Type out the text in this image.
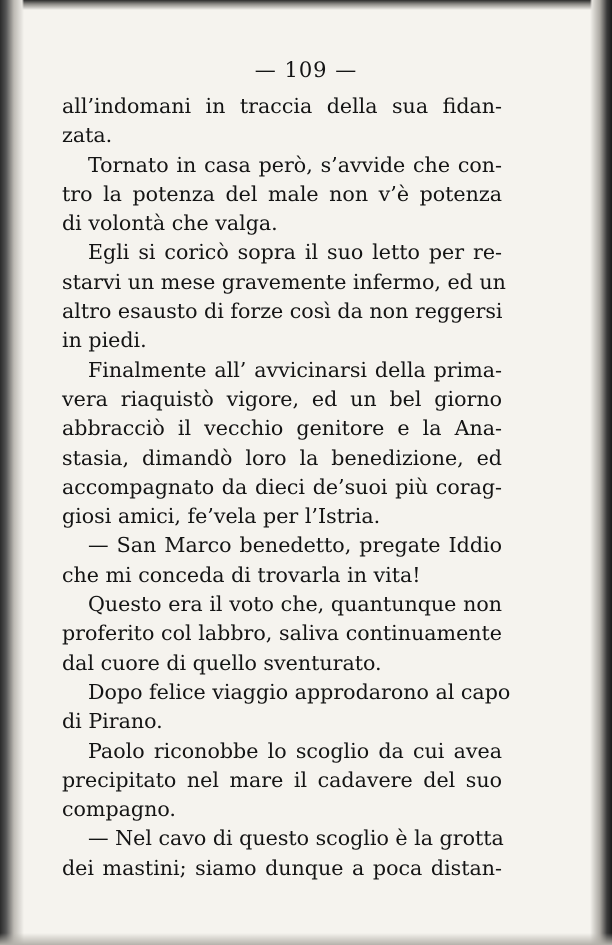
— 109 —
all’indomani in traccia della sua fidan-
zata.
Tornato in casa però, s’avvide che con-
tro la potenza del male non v’è potenza
di volontà che valga.
Egli si coricò sopra il suo letto per re-
starvi un mese gravemente infermo, ed un
altro esausto di forze così da non reggersi
in piedi.
Finalmente all’ avvicinarsi della prima-
vera riaquistò vigore, ed un bel giorno
abbracciò il vecchio genitore e la Ana-
stasia, dimandò loro la benedizione, ed
accompagnato da dieci de’suoi più corag-
giosi amici, fe’vela per l’Istria.
— San Marco benedetto, pregate Iddio
che mi conceda di trovarla in vita!
Questo era il voto che, quantunque non
proferito col labbro, saliva continuamente
dal cuore di quello sventurato.
Dopo felice viaggio approdarono al capo
di Pirano.
Paolo riconobbe lo scoglio da cui avea
precipitato nel mare il cadavere del suo
compagno.
— Nel cavo di questo scoglio è la grotta
dei mastini; siamo dunque a poca distan-
